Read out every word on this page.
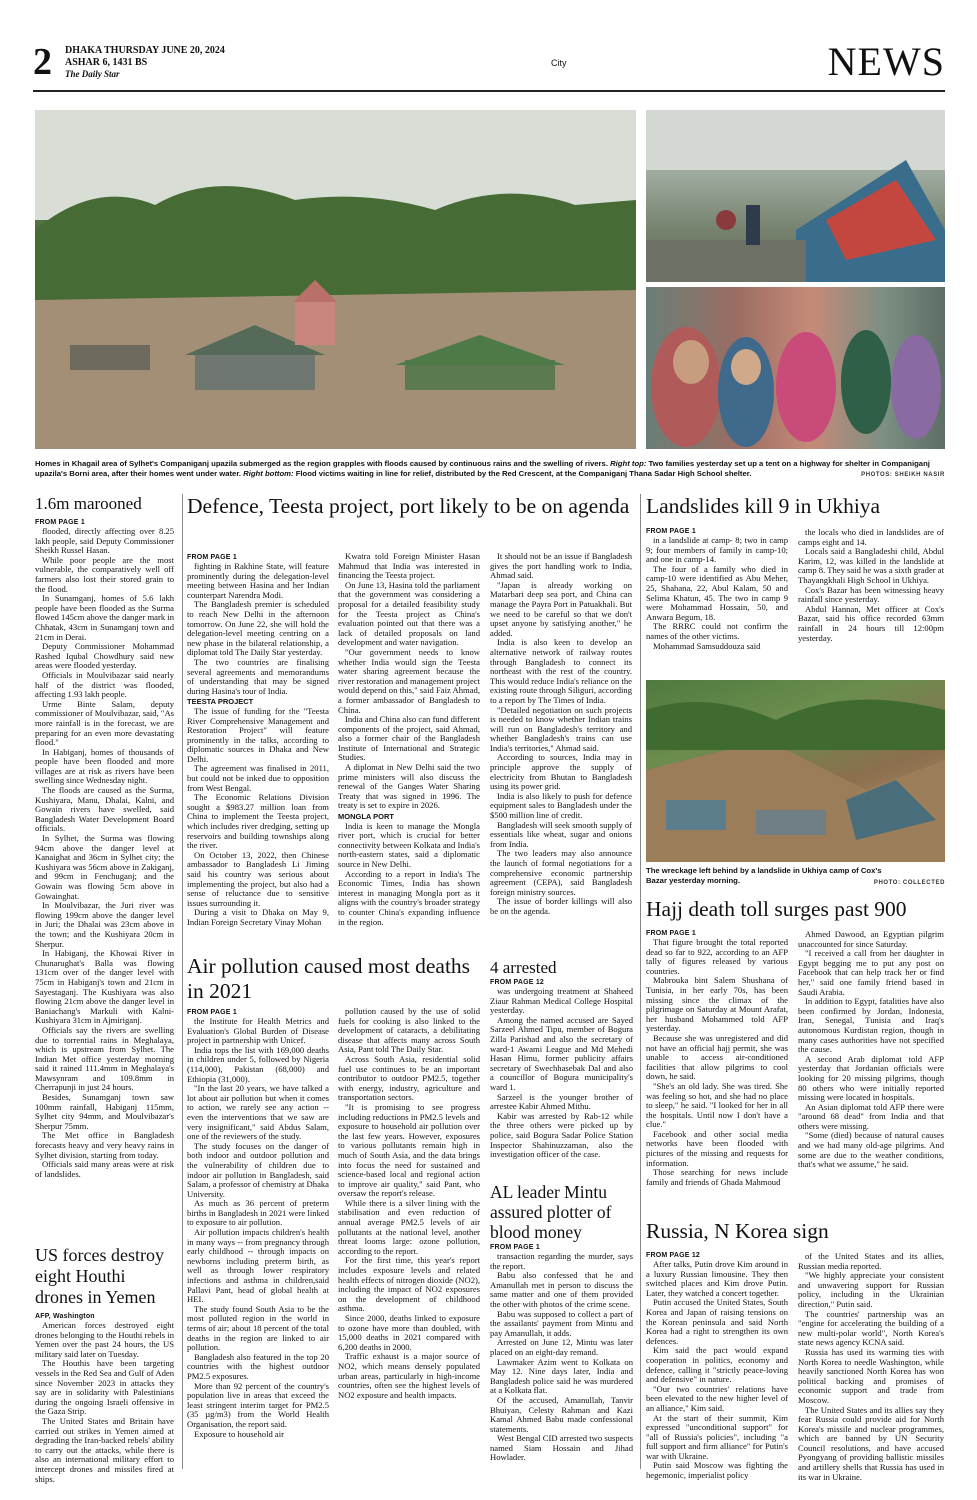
2 DHAKA THURSDAY JUNE 20, 2024
ASHAR 6, 1431 BS
The Daily Star
City	NEWS
Homes in Khagail area of Sylhet's Companiganj upazila submerged as the region grapples with floods caused by continuous rains and the swelling of rivers. Right top: Two families yesterday set up a tent on a highway for shelter in Companiganj upazila's Borni area, after their homes went under water. Right bottom: Flood victims waiting in line for relief, distributed by the Red Crescent, at the Companiganj Thana Sadar High School shelter.	PHOTOS: SHEIKH NASIR
1.6m marooned
FROM PAGE 1

flooded, directly affecting over 8.25 lakh people, said Deputy Commissioner Sheikh Russel Hasan.

While poor people are the most vulnerable, the comparatively well off farmers also lost their stored grain to the flood.

In Sunamganj, homes of 5.6 lakh people have been flooded as the Surma flowed 145cm above the danger mark in Chhatak, 43cm in Sunamganj town and 21cm in Derai.

Deputy Commissioner Mohammad Rashed Iqubal Chowdhury said new areas were flooded yesterday.

Officials in Moulvibazar said nearly half of the district was flooded, affecting 1.93 lakh people.

Urme Binte Salam, deputy commissioner of Moulvibazar, said, "As more rainfall is in the forecast, we are preparing for an even more devastating flood."

In Habiganj, homes of thousands of people have been flooded and more villages are at risk as rivers have been swelling since Wednesday night.

The floods are caused as the Surma, Kushiyara, Manu, Dhalai, Kalni, and Gowain rivers have swelled, said Bangladesh Water Development Board officials.

In Sylhet, the Surma was flowing 94cm above the danger level at Kanaighat and 36cm in Sylhet city; the Kushiyara was 56cm above in Zakiganj, and 99cm in Fenchuganj; and the Gowain was flowing 5cm above in Gowainghat.

In Moulvibazar, the Juri river was flowing 199cm above the danger level in Juri; the Dhalai was 23cm above in the town; and the Kushiyara 20cm in Sherpur.

In Habiganj, the Khowai River in Chunarughat's Balla was flowing 131cm over of the danger level with 75cm in Habiganj's town and 21cm in Sayestaganj. The Kushiyara was also flowing 21cm above the danger level in Baniachang's Markuli with Kalni-Kushiyara 31cm in Ajmiriganj.

Officials say the rivers are swelling due to torrential rains in Meghalaya, which is upstream from Sylhet. The Indian Met office yesterday morning said it rained 111.4mm in Meghalaya's Mawsynram and 109.8mm in Cherrapunji in just 24 hours.

Besides, Sunamganj town saw 100mm rainfall, Habiganj 115mm, Sylhet city 94mm, and Moulvibazar's Sherpur 75mm.

The Met office in Bangladesh forecasts heavy and very heavy rains in Sylhet division, starting from today.

Officials said many areas were at risk of landslides.

US forces destroy eight Houthi drones in Yemen
AFP, Washington

American forces destroyed eight drones belonging to the Houthi rebels in Yemen over the past 24 hours, the US military said later on Tuesday.

The Houthis have been targeting vessels in the Red Sea and Gulf of Aden since November 2023 in attacks they say are in solidarity with Palestinians during the ongoing Israeli offensive in the Gaza Strip.

The United States and Britain have carried out strikes in Yemen aimed at degrading the Iran-backed rebels' ability to carry out the attacks, while there is also an international military effort to intercept drones and missiles fired at ships.

Defence, Teesta project, port likely to be on agenda
FROM PAGE 1

fighting in Rakhine State, will feature prominently during the delegation-level meeting between Hasina and her Indian counterpart Narendra Modi.

The Bangladesh premier is scheduled to reach New Delhi in the afternoon tomorrow. On June 22, she will hold the delegation-level meeting centring on a new phase in the bilateral relationship, a diplomat told The Daily Star yesterday.

The two countries are finalising several agreements and memorandums of understanding that may be signed during Hasina's tour of India.

TEESTA PROJECT

The issue of funding for the "Teesta River Comprehensive Management and Restoration Project" will feature prominently in the talks, according to diplomatic sources in Dhaka and New Delhi.

The agreement was finalised in 2011, but could not be inked due to opposition from West Bengal.

The Economic Relations Division sought a $983.27 million loan from China to implement the Teesta project, which includes river dredging, setting up reservoirs and building townships along the river.

On October 13, 2022, then Chinese ambassador to Bangladesh Li Jiming said his country was serious about implementing the project, but also had a sense of reluctance due to sensitive issues surrounding it.

During a visit to Dhaka on May 9, Indian Foreign Secretary Vinay Mohan

Kwatra told Foreign Minister Hasan Mahmud that India was interested in financing the Teesta project.

On June 13, Hasina told the parliament that the government was considering a proposal for a detailed feasibility study for the Teesta project as China's evaluation pointed out that there was a lack of detailed proposals on land development and water navigation.

"Our government needs to know whether India would sign the Teesta water sharing agreement because the river restoration and management project would depend on this," said Faiz Ahmad, a former ambassador of Bangladesh to China.

India and China also can fund different components of the project, said Ahmad, also a former chair of the Bangladesh Institute of International and Strategic Studies.

A diplomat in New Delhi said the two prime ministers will also discuss the renewal of the Ganges Water Sharing Treaty that was signed in 1996. The treaty is set to expire in 2026.

MONGLA PORT

India is keen to manage the Mongla river port, which is crucial for better connectivity between Kolkata and India's north-eastern states, said a diplomatic source in New Delhi.

According to a report in India's The Economic Times, India has shown interest in managing Mongla port as it aligns with the country's broader strategy to counter China's expanding influence in the region.

It should not be an issue if Bangladesh gives the port handling work to India, Ahmad said.

"Japan is already working on Matarbari deep sea port, and China can manage the Payra Port in Patuakhali. But we need to be careful so that we don't upset anyone by satisfying another," he added.

India is also keen to develop an alternative network of railway routes through Bangladesh to connect its northeast with the rest of the country. This would reduce India's reliance on the existing route through Siliguri, according to a report by The Times of India.

"Detailed negotiation on such projects is needed to know whether Indian trains will run on Bangladesh's territory and whether Bangladesh's trains can use India's territories," Ahmad said.

According to sources, India may in principle approve the supply of electricity from Bhutan to Bangladesh using its power grid.

India is also likely to push for defence equipment sales to Bangladesh under the $500 million line of credit.

Bangladesh will seek smooth supply of essentials like wheat, sugar and onions from India.

The two leaders may also announce the launch of formal negotiations for a comprehensive economic partnership agreement (CEPA), said Bangladesh foreign ministry sources.

The issue of border killings will also be on the agenda.

Air pollution caused most deaths in 2021
FROM PAGE 1

the Institute for Health Metrics and Evaluation's Global Burden of Disease project in partnership with Unicef.

India tops the list with 169,000 deaths in children under 5, followed by Nigeria (114,000), Pakistan (68,000) and Ethiopia (31,000).

"In the last 20 years, we have talked a lot about air pollution but when it comes to action, we rarely see any action -- even the interventions that we saw are very insignificant," said Abdus Salam, one of the reviewers of the study.

The study focuses on the danger of both indoor and outdoor pollution and the vulnerability of children due to indoor air pollution in Bangladesh, said Salam, a professor of chemistry at Dhaka University.

As much as 36 percent of preterm births in Bangladesh in 2021 were linked to exposure to air pollution.

Air pollution impacts children's health in many ways -- from pregnancy through early childhood -- through impacts on newborns including preterm birth, as well as through lower respiratory infections and asthma in children,said Pallavi Pant, head of global health at HEI.

The study found South Asia to be the most polluted region in the world in terms of air; about 18 percent of the total deaths in the region are linked to air pollution.

Bangladesh also featured in the top 20 countries with the highest outdoor PM2.5 exposures.

More than 92 percent of the country's population live in areas that exceed the least stringent interim target for PM2.5 (35 µg/m3) from the World Health Organisation, the report said.

Exposure to household air

pollution caused by the use of solid fuels for cooking is also linked to the development of cataracts, a debilitating disease that affects many across South Asia, Pant told The Daily Star.

Across South Asia, residential solid fuel use continues to be an important contributor to outdoor PM2.5, together with energy, industry, agriculture and transportation sectors.

"It is promising to see progress including reductions in PM2.5 levels and exposure to household air pollution over the last few years. However, exposures to various pollutants remain high in much of South Asia, and the data brings into focus the need for sustained and science-based local and regional action to improve air quality," said Pant, who oversaw the report's release.

While there is a silver lining with the stabilisation and even reduction of annual average PM2.5 levels of air pollutants at the national level, another threat looms large: ozone pollution, according to the report.

For the first time, this year's report includes exposure levels and related health effects of nitrogen dioxide (NO2), including the impact of NO2 exposures on the development of childhood asthma.

Since 2000, deaths linked to exposure to ozone have more than doubled, with 15,000 deaths in 2021 compared with 6,200 deaths in 2000.

Traffic exhaust is a major source of NO2, which means densely populated urban areas, particularly in high-income countries, often see the highest levels of NO2 exposure and health impacts.

4 arrested
FROM PAGE 12

was undergoing treatment at Shaheed Ziaur Rahman Medical College Hospital yesterday.

Among the named accused are Sayed Sarzeel Ahmed Tipu, member of Bogura Zilla Parishad and also the secretary of ward-1 Awami League and Md Mehedi Hasan Himu, former publicity affairs secretary of Swechhasebak Dal and also a councillor of Bogura municipality's ward 1.

Sarzeel is the younger brother of arrestee Kabir Ahmed Mithu.

Kabir was arrested by Rab-12 while the three others were picked up by police, said Bogura Sadar Police Station Inspector Shahinuzzaman, also the investigation officer of the case.

AL leader Mintu assured plotter of blood money
FROM PAGE 1

transaction regarding the murder, says the report.

Babu also confessed that he and Amanullah met in person to discuss the same matter and one of them provided the other with photos of the crime scene.

Babu was supposed to collect a part of the assailants' payment from Mintu and pay Amanullah, it adds.

Arrested on June 12, Mintu was later placed on an eight-day remand.

Lawmaker Azim went to Kolkata on May 12. Nine days later, India and Bangladesh police said he was murdered at a Kolkata flat.

Of the accused, Amanullah, Tanvir Bhuiyan, Celesty Rahman and Kazi Kamal Ahmed Babu made confessional statements.

West Bengal CID arrested two suspects named Siam Hossain and Jihad Howlader.

Landslides kill 9 in Ukhiya
FROM PAGE 1

in a landslide at camp- 8; two in camp 9; four members of family in camp-10; and one in camp-14.

The four of a family who died in camp-10 were identified as Abu Meher, 25, Shahana, 22, Abul Kalam, 50 and Selima Khatun, 45. The two in camp 9 were Mohammad Hossain, 50, and Anwara Begum, 18.

The RRRC could not confirm the names of the other victims.

Mohammad Samsuddouza said

the locals who died in landslides are of camps eight and 14.

Locals said a Bangladeshi child, Abdul Karim, 12, was killed in the landslide at camp 8. They said he was a sixth grader at Thayangkhali High School in Ukhiya.

Cox's Bazar has been witnessing heavy rainfall since yesterday.

Abdul Hannan, Met officer at Cox's Bazar, said his office recorded 63mm rainfall in 24 hours till 12:00pm yesterday.

The wreckage left behind by a landslide in Ukhiya camp of Cox's Bazar yesterday morning.	PHOTO: COLLECTED
Hajj death toll surges past 900
FROM PAGE 1

That figure brought the total reported dead so far to 922, according to an AFP tally of figures released by various countries.

Mabrouka bint Salem Shushana of Tunisia, in her early 70s, has been missing since the climax of the pilgrimage on Saturday at Mount Arafat, her husband Mohammed told AFP yesterday.

Because she was unregistered and did not have an official hajj permit, she was unable to access air-conditioned facilities that allow pilgrims to cool down, he said.

"She's an old lady. She was tired. She was feeling so hot, and she had no place to sleep," he said. "I looked for her in all the hospitals. Until now I don't have a clue."

Facebook and other social media networks have been flooded with pictures of the missing and requests for information.

Those searching for news include family and friends of Ghada Mahmoud

Ahmed Dawood, an Egyptian pilgrim unaccounted for since Saturday.

"I received a call from her daughter in Egypt begging me to put any post on Facebook that can help track her or find her," said one family friend based in Saudi Arabia.

In addition to Egypt, fatalities have also been confirmed by Jordan, Indonesia, Iran, Senegal, Tunisia and Iraq's autonomous Kurdistan region, though in many cases authorities have not specified the cause.

A second Arab diplomat told AFP yesterday that Jordanian officials were looking for 20 missing pilgrims, though 80 others who were initially reported missing were located in hospitals.

An Asian diplomat told AFP there were "around 68 dead" from India and that others were missing.

"Some (died) because of natural causes and we had many old-age pilgrims. And some are due to the weather conditions, that's what we assume," he said.

Russia, N Korea sign
FROM PAGE 12

After talks, Putin drove Kim around in a luxury Russian limousine. They then switched places and Kim drove Putin. Later, they watched a concert together.

Putin accused the United States, South Korea and Japan of raising tensions on the Korean peninsula and said North Korea had a right to strengthen its own defences.

Kim said the pact would expand cooperation in politics, economy and defence, calling it "strictly peace-loving and defensive" in nature.

"Our two countries' relations have been elevated to the new higher level of an alliance," Kim said.

At the start of their summit, Kim expressed "unconditional support" for "all of Russia's policies", including "a full support and firm alliance" for Putin's war with Ukraine.

Putin said Moscow was fighting the hegemonic, imperialist policy

of the United States and its allies, Russian media reported.

"We highly appreciate your consistent and unwavering support for Russian policy, including in the Ukrainian direction," Putin said.

The countries' partnership was an "engine for accelerating the building of a new multi-polar world", North Korea's state news agency KCNA said.

Russia has used its warming ties with North Korea to needle Washington, while heavily sanctioned North Korea has won political backing and promises of economic support and trade from Moscow.

The United States and its allies say they fear Russia could provide aid for North Korea's missile and nuclear programmes, which are banned by UN Security Council resolutions, and have accused Pyongyang of providing ballistic missiles and artillery shells that Russia has used in its war in Ukraine.
